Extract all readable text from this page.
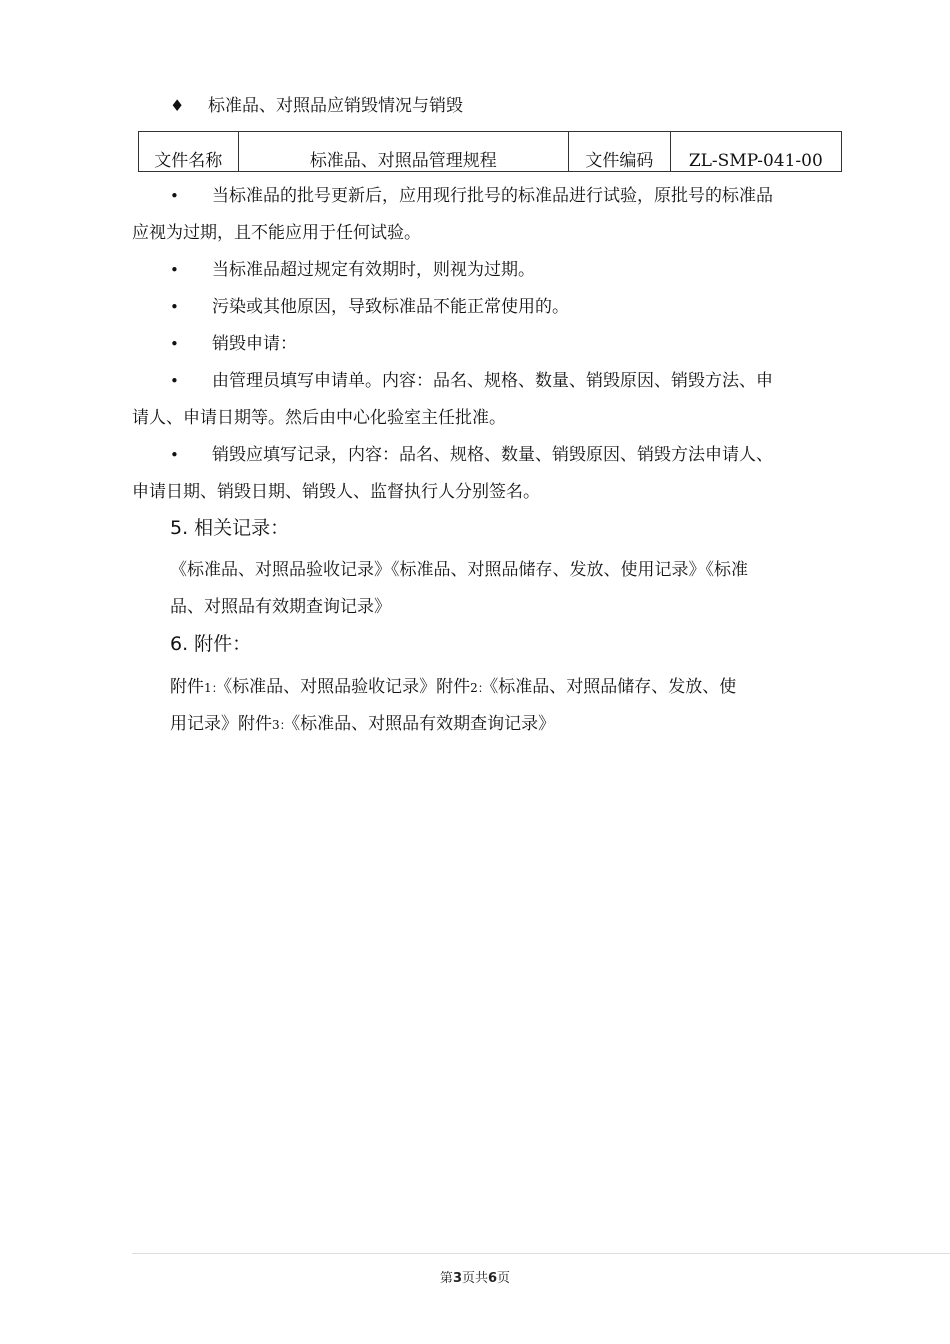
♦ 标准品、对照品应销毁情况与销毁
文件名称	标准品、对照品管理规程	文件编码	ZL-SMP-041-00
• 当标准品的批号更新后，应用现行批号的标准品进行试验，原批号的标准品
应视为过期，且不能应用于任何试验。
• 当标准品超过规定有效期时，则视为过期。
• 污染或其他原因，导致标准品不能正常使用的。
• 销毁申请：
• 由管理员填写申请单。内容：品名、规格、数量、销毁原因、销毁方法、申
请人、申请日期等。然后由中心化验室主任批准。
• 销毁应填写记录，内容：品名、规格、数量、销毁原因、销毁方法申请人、
申请日期、销毁日期、销毁人、监督执行人分别签名。
5. 相关记录：
《标准品、对照品验收记录》《标准品、对照品储存、发放、使用记录》《标准
品、对照品有效期查询记录》
6. 附件：
附件1：《标准品、对照品验收记录》附件2：《标准品、对照品储存、发放、使
用记录》附件3：《标准品、对照品有效期查询记录》
第3页共6页
